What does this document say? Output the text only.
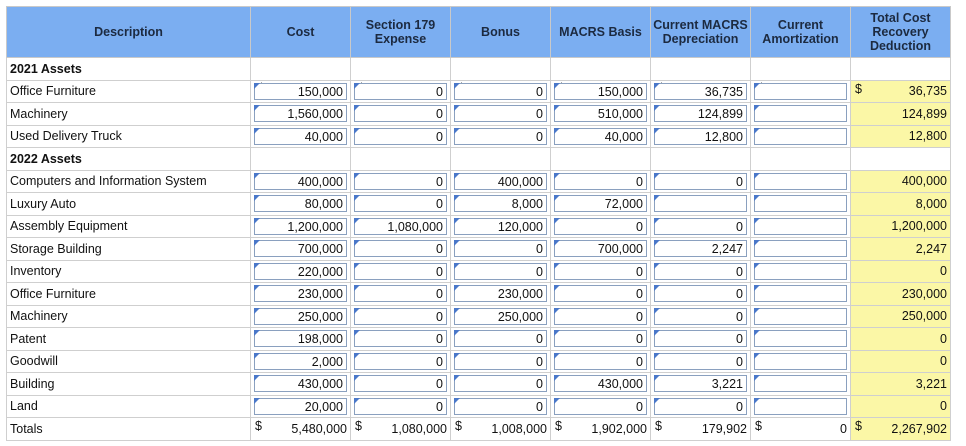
Description	Cost	Section 179 Expense	Bonus	MACRS Basis	Current MACRS Depreciation	Current Amortization	Total Cost Recovery Deduction
2021 Assets							
Office Furniture	150,000	0	0	150,000	36,735		$ 36,735
Machinery	1,560,000	0	0	510,000	124,899		124,899
Used Delivery Truck	40,000	0	0	40,000	12,800		12,800
2022 Assets							
Computers and Information System	400,000	0	400,000	0	0		400,000
Luxury Auto	80,000	0	8,000	72,000			8,000
Assembly Equipment	1,200,000	1,080,000	120,000	0	0		1,200,000
Storage Building	700,000	0	0	700,000	2,247		2,247
Inventory	220,000	0	0	0	0		0
Office Furniture	230,000	0	230,000	0	0		230,000
Machinery	250,000	0	250,000	0	0		250,000
Patent	198,000	0	0	0	0		0
Goodwill	2,000	0	0	0	0		0
Building	430,000	0	0	430,000	3,221		3,221
Land	20,000	0	0	0	0		0
Totals	$ 5,480,000	$ 1,080,000	$ 1,008,000	$ 1,902,000	$ 179,902	$ 0	$ 2,267,902
